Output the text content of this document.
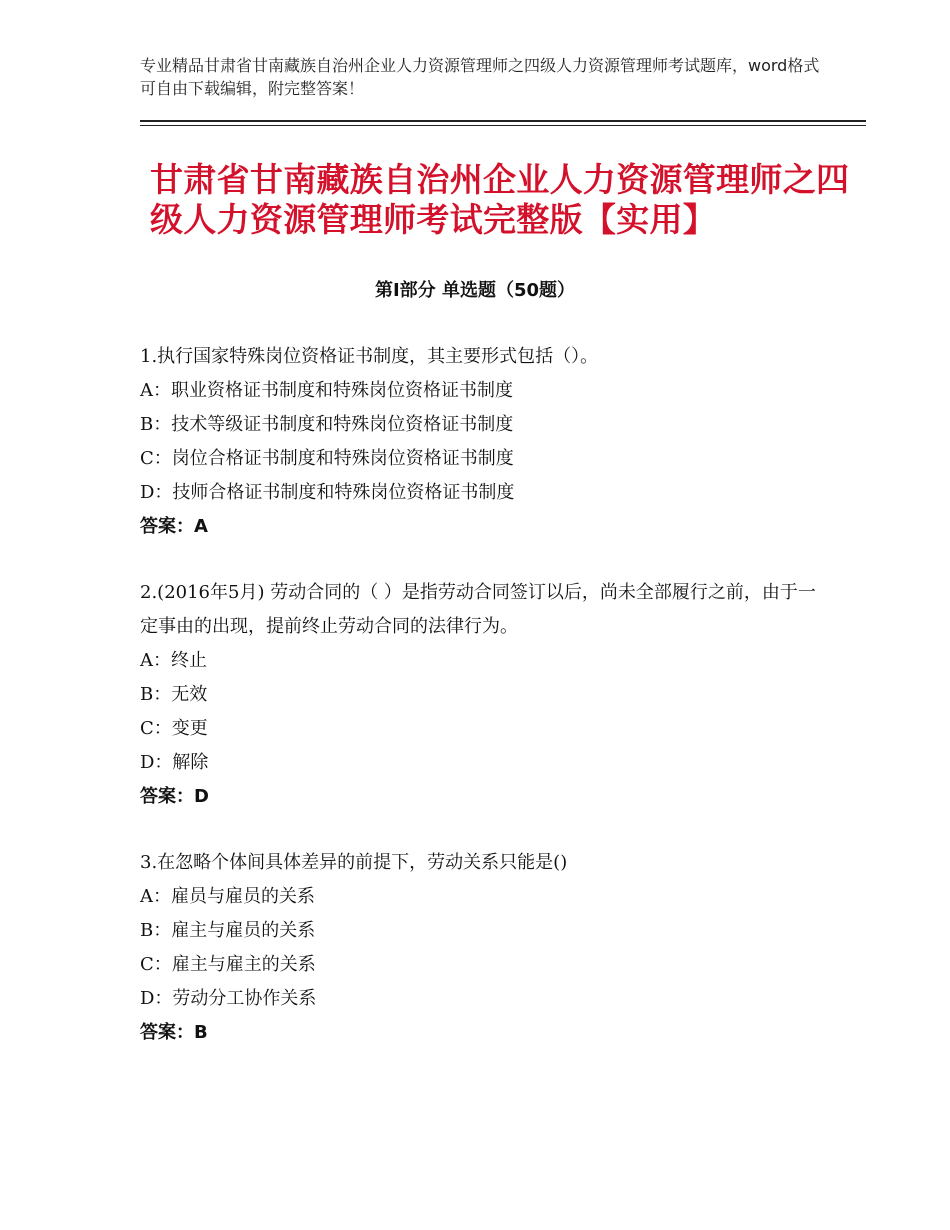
专业精品甘肃省甘南藏族自治州企业人力资源管理师之四级人力资源管理师考试题库，word格式可自由下载编辑，附完整答案！
甘肃省甘南藏族自治州企业人力资源管理师之四级人力资源管理师考试完整版【实用】
第Ⅰ部分 单选题（50题）
1.执行国家特殊岗位资格证书制度，其主要形式包括（）。
A：职业资格证书制度和特殊岗位资格证书制度
B：技术等级证书制度和特殊岗位资格证书制度
C：岗位合格证书制度和特殊岗位资格证书制度
D：技师合格证书制度和特殊岗位资格证书制度
答案：A
2.(2016年5月) 劳动合同的（ ）是指劳动合同签订以后，尚未全部履行之前，由于一定事由的出现，提前终止劳动合同的法律行为。
A：终止
B：无效
C：变更
D：解除
答案：D
3.在忽略个体间具体差异的前提下，劳动关系只能是()
A：雇员与雇员的关系
B：雇主与雇员的关系
C：雇主与雇主的关系
D：劳动分工协作关系
答案：B
